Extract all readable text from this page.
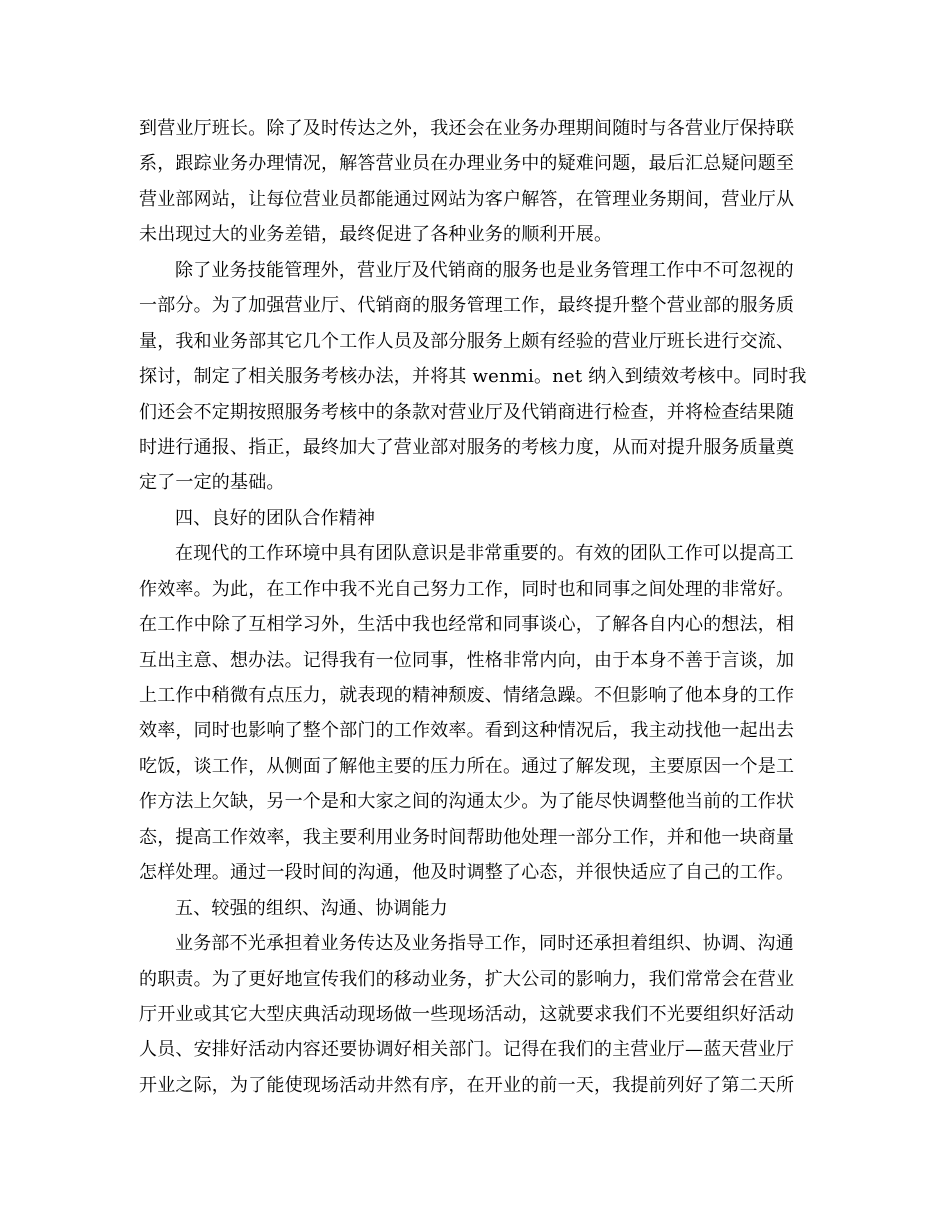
到营业厅班长。除了及时传达之外，我还会在业务办理期间随时与各营业厅保持联
系，跟踪业务办理情况，解答营业员在办理业务中的疑难问题，最后汇总疑问题至
营业部网站，让每位营业员都能通过网站为客户解答，在管理业务期间，营业厅从
未出现过大的业务差错，最终促进了各种业务的顺利开展。
除了业务技能管理外，营业厅及代销商的服务也是业务管理工作中不可忽视的
一部分。为了加强营业厅、代销商的服务管理工作，最终提升整个营业部的服务质
量，我和业务部其它几个工作人员及部分服务上颇有经验的营业厅班长进行交流、
探讨，制定了相关服务考核办法，并将其 wenmi。net 纳入到绩效考核中。同时我
们还会不定期按照服务考核中的条款对营业厅及代销商进行检查，并将检查结果随
时进行通报、指正，最终加大了营业部对服务的考核力度，从而对提升服务质量奠
定了一定的基础。
四、良好的团队合作精神
在现代的工作环境中具有团队意识是非常重要的。有效的团队工作可以提高工
作效率。为此，在工作中我不光自己努力工作，同时也和同事之间处理的非常好。
在工作中除了互相学习外，生活中我也经常和同事谈心，了解各自内心的想法，相
互出主意、想办法。记得我有一位同事，性格非常内向，由于本身不善于言谈，加
上工作中稍微有点压力，就表现的精神颓废、情绪急躁。不但影响了他本身的工作
效率，同时也影响了整个部门的工作效率。看到这种情况后，我主动找他一起出去
吃饭，谈工作，从侧面了解他主要的压力所在。通过了解发现，主要原因一个是工
作方法上欠缺，另一个是和大家之间的沟通太少。为了能尽快调整他当前的工作状
态，提高工作效率，我主要利用业务时间帮助他处理一部分工作，并和他一块商量
怎样处理。通过一段时间的沟通，他及时调整了心态，并很快适应了自己的工作。
五、较强的组织、沟通、协调能力
业务部不光承担着业务传达及业务指导工作，同时还承担着组织、协调、沟通
的职责。为了更好地宣传我们的移动业务，扩大公司的影响力，我们常常会在营业
厅开业或其它大型庆典活动现场做一些现场活动，这就要求我们不光要组织好活动
人员、安排好活动内容还要协调好相关部门。记得在我们的主营业厅—蓝天营业厅
开业之际，为了能使现场活动井然有序，在开业的前一天，我提前列好了第二天所
